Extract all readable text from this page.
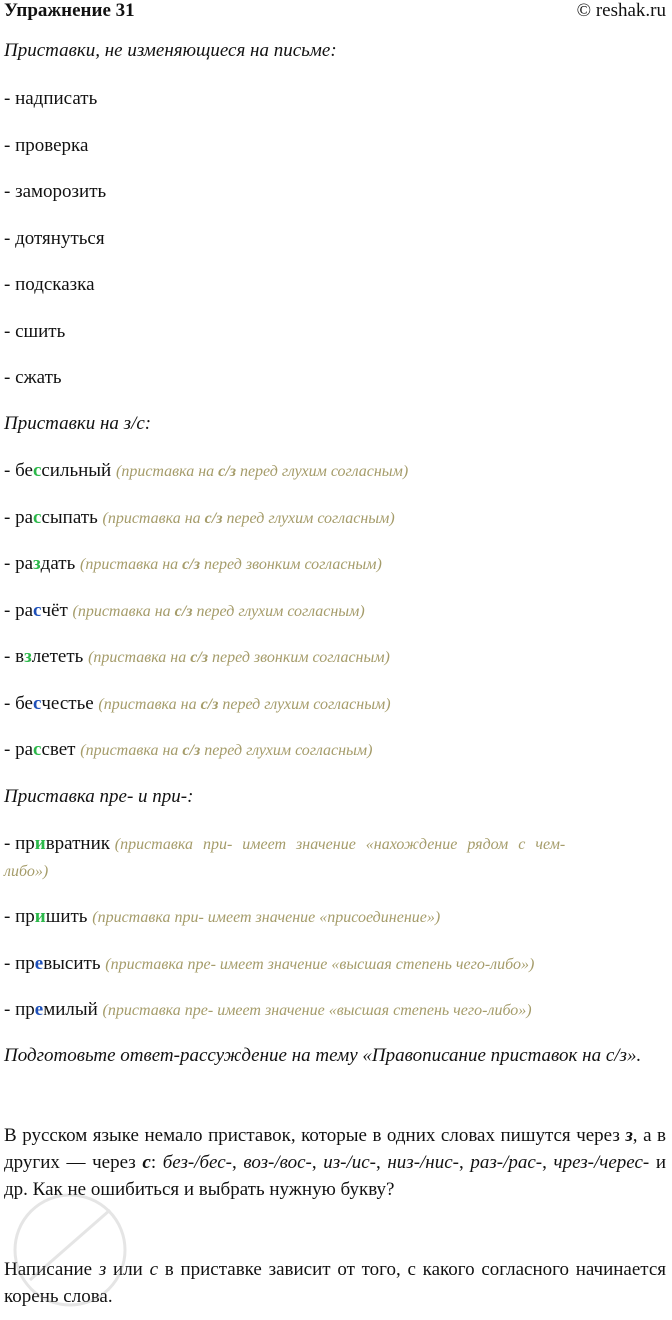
Упражнение 31	© reshak.ru
Приставки, не изменяющиеся на письме:
- надписать
- проверка
- заморозить
- дотянуться
- подсказка
- сшить
- сжать
Приставки на з/с:
- бессильный (приставка на с/з перед глухим согласным)
- рассыпать (приставка на с/з перед глухим согласным)
- раздать (приставка на с/з перед звонким согласным)
- расчёт (приставка на с/з перед глухим согласным)
- взлететь (приставка на с/з перед звонким согласным)
- бесчестье (приставка на с/з перед глухим согласным)
- рассвет (приставка на с/з перед глухим согласным)
Приставка пре- и при-:
- привратник (приставка при- имеет значение «нахождение рядом с чем-
либо»)
- пришить (приставка при- имеет значение «присоединение»)
- превысить (приставка пре- имеет значение «высшая степень чего-либо»)
- премилый (приставка пре- имеет значение «высшая степень чего-либо»)
Подготовьте ответ-рассуждение на тему «Правописание приставок на с/з».
В русском языке немало приставок, которые в одних словах пишутся через з, а в других — через с: без-/бес-, воз-/вос-, из-/ис-, низ-/нис-, раз-/рас-, чрез-/черес- и др. Как не ошибиться и выбрать нужную букву?
Написание з или с в приставке зависит от того, с какого согласного начинается корень слова.
